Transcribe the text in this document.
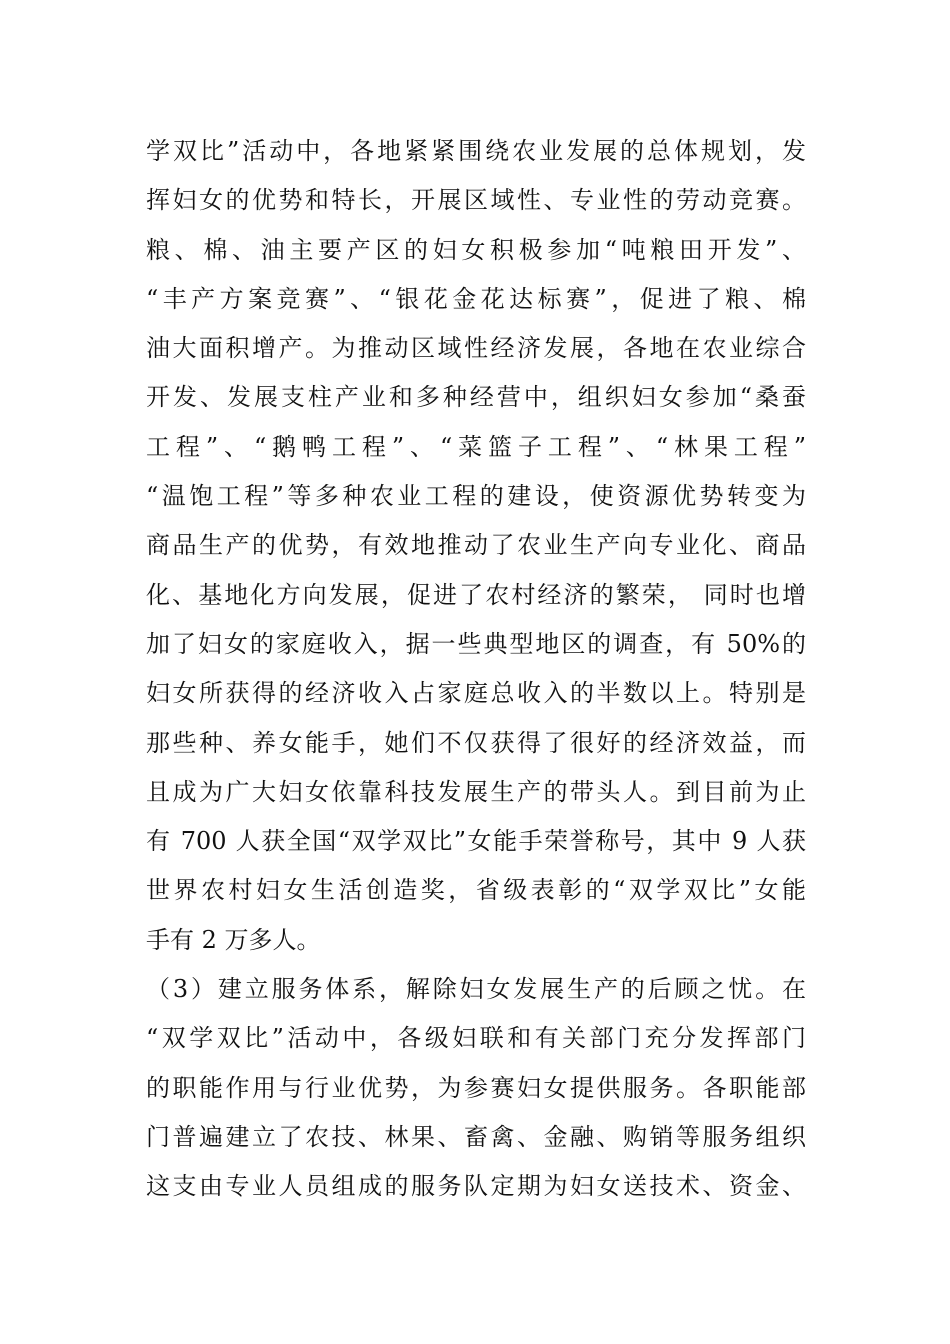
学双比”活动中，各地紧紧围绕农业发展的总体规划，发
挥妇女的优势和特长，开展区域性、专业性的劳动竞赛。
粮、棉、油主要产区的妇女积极参加“吨粮田开发”、
“丰产方案竞赛”、“银花金花达标赛”，促进了粮、棉
油大面积增产。为推动区域性经济发展，各地在农业综合
开发、发展支柱产业和多种经营中，组织妇女参加“桑蚕
工程”、“鹅鸭工程”、“菜篮子工程”、“林果工程”
“温饱工程”等多种农业工程的建设，使资源优势转变为
商品生产的优势，有效地推动了农业生产向专业化、商品
化、基地化方向发展，促进了农村经济的繁荣， 同时也增
加了妇女的家庭收入，据一些典型地区的调查，有 50%的
妇女所获得的经济收入占家庭总收入的半数以上。特别是
那些种、养女能手，她们不仅获得了很好的经济效益，而
且成为广大妇女依靠科技发展生产的带头人。到目前为止
有 700 人获全国“双学双比”女能手荣誉称号，其中 9 人获
世界农村妇女生活创造奖，省级表彰的“双学双比”女能
手有 2 万多人。
（3）建立服务体系，解除妇女发展生产的后顾之忧。在
“双学双比”活动中，各级妇联和有关部门充分发挥部门
的职能作用与行业优势，为参赛妇女提供服务。各职能部
门普遍建立了农技、林果、畜禽、金融、购销等服务组织
这支由专业人员组成的服务队定期为妇女送技术、资金、
